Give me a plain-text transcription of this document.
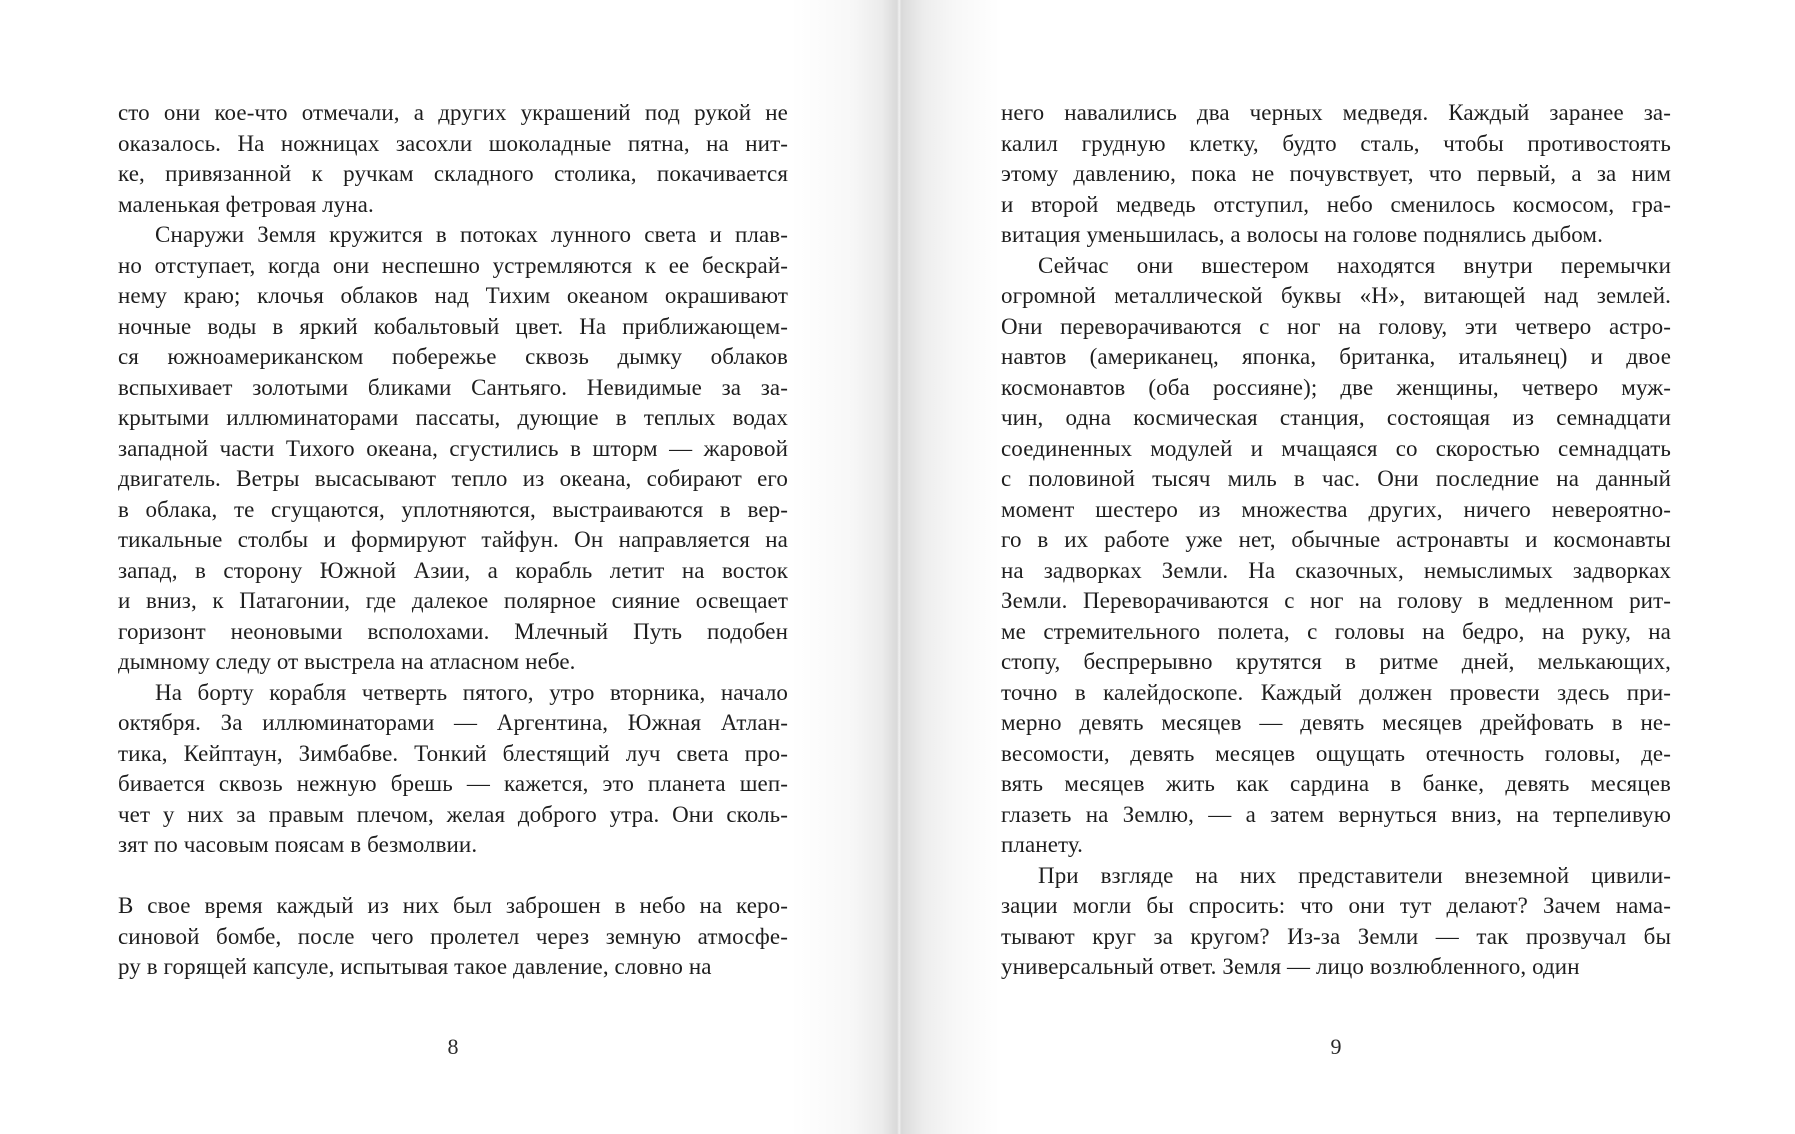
сто они кое-что отмечали, а других украшений под рукой не
оказалось. На ножницах засохли шоколадные пятна, на нит-
ке, привязанной к ручкам складного столика, покачивается
маленькая фетровая луна.
Снаружи Земля кружится в потоках лунного света и плав-
но отступает, когда они неспешно устремляются к ее бескрай-
нему краю; клочья облаков над Тихим океаном окрашивают
ночные воды в яркий кобальтовый цвет. На приближающем-
ся южноамериканском побережье сквозь дымку облаков
вспыхивает золотыми бликами Сантьяго. Невидимые за за-
крытыми иллюминаторами пассаты, дующие в теплых водах
западной части Тихого океана, сгустились в шторм — жаровой
двигатель. Ветры высасывают тепло из океана, собирают его
в облака, те сгущаются, уплотняются, выстраиваются в вер-
тикальные столбы и формируют тайфун. Он направляется на
запад, в сторону Южной Азии, а корабль летит на восток
и вниз, к Патагонии, где далекое полярное сияние освещает
горизонт неоновыми всполохами. Млечный Путь подобен
дымному следу от выстрела на атласном небе.
На борту корабля четверть пятого, утро вторника, начало
октября. За иллюминаторами — Аргентина, Южная Атлан-
тика, Кейптаун, Зимбабве. Тонкий блестящий луч света про-
бивается сквозь нежную брешь — кажется, это планета шеп-
чет у них за правым плечом, желая доброго утра. Они сколь-
зят по часовым поясам в безмолвии.
В свое время каждый из них был заброшен в небо на керо-
синовой бомбе, после чего пролетел через земную атмосфе-
ру в горящей капсуле, испытывая такое давление, словно на
8
него навалились два черных медведя. Каждый заранее за-
калил грудную клетку, будто сталь, чтобы противостоять
этому давлению, пока не почувствует, что первый, а за ним
и второй медведь отступил, небо сменилось космосом, гра-
витация уменьшилась, а волосы на голове поднялись дыбом.
Сейчас они вшестером находятся внутри перемычки
огромной металлической буквы «Н», витающей над землей.
Они переворачиваются с ног на голову, эти четверо астро-
навтов (американец, японка, британка, итальянец) и двое
космонавтов (оба россияне); две женщины, четверо муж-
чин, одна космическая станция, состоящая из семнадцати
соединенных модулей и мчащаяся со скоростью семнадцать
с половиной тысяч миль в час. Они последние на данный
момент шестеро из множества других, ничего невероятно-
го в их работе уже нет, обычные астронавты и космонавты
на задворках Земли. На сказочных, немыслимых задворках
Земли. Переворачиваются с ног на голову в медленном рит-
ме стремительного полета, с головы на бедро, на руку, на
стопу, беспрерывно крутятся в ритме дней, мелькающих,
точно в калейдоскопе. Каждый должен провести здесь при-
мерно девять месяцев — девять месяцев дрейфовать в не-
весомости, девять месяцев ощущать отечность головы, де-
вять месяцев жить как сардина в банке, девять месяцев
глазеть на Землю, — а затем вернуться вниз, на терпеливую
планету.
При взгляде на них представители внеземной цивили-
зации могли бы спросить: что они тут делают? Зачем нама-
тывают круг за кругом? Из-за Земли — так прозвучал бы
универсальный ответ. Земля — лицо возлюбленного, один
9
